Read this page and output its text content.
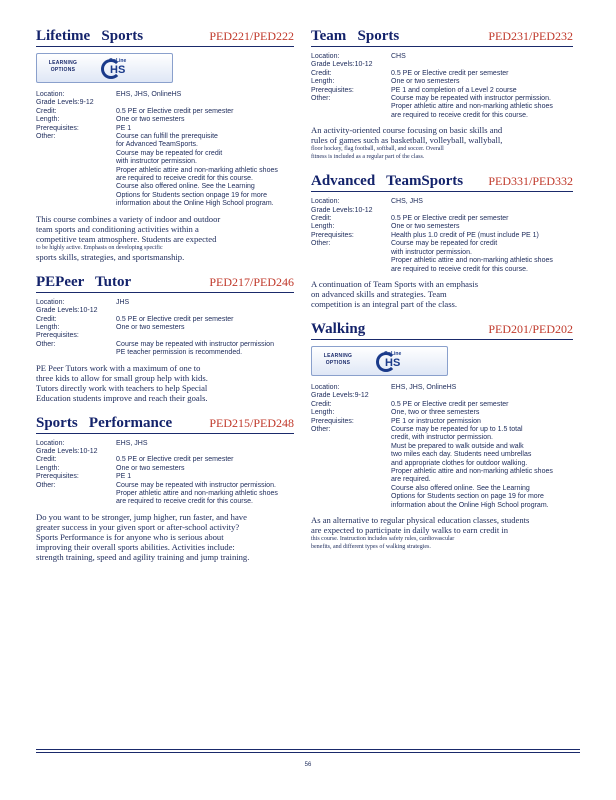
Lifetime   Sports	PED221/PED222
LEARNING OPTIONS
OnLine
HS
Location:	EHS, JHS, OnlineHS
Grade Levels: 9-12
Credit:	0.5 PE or Elective credit per semester
Length:	One or two semesters
Prerequisites:	PE 1
Other:	Course can fulfill the prerequisite
for Advanced TeamSports.
Course may be repeated for credit
with instructor permission.
Proper athletic attire and non-marking athletic shoes
are required to receive credit for this course.
Course also offered online. See the Learning
Options for Students section onpage 19 for more
information about the Online High School program.
This course combines a variety of indoor and outdoor
team sports and conditioning activities within a
competitive team atmosphere. Students are expected
to be highly active. Emphasis on developing specific
sports skills, strategies, and sportsmanship.
PEPeer   Tutor	PED217/PED246
Location:	JHS
Grade Levels: 10-12
Credit:	0.5 PE or Elective credit per semester
Length:	One or two semesters
Prerequisites:
Other:	Course may be repeated with instructor permission
PE teacher permission is recommended.
PE Peer Tutors work with a maximum of one to
three kids to allow for small group help with kids.
Tutors directly work with teachers to help Special
Education students improve and reach their goals.
Sports   Performance	PED215/PED248
Location:	EHS, JHS
Grade Levels: 10-12
Credit:	0.5 PE or Elective credit per semester
Length:	One or two semesters
Prerequisites:	PE 1
Other:	Course may be repeated with instructor permission.
Proper athletic attire and non-marking athletic shoes
are required to receive credit for this course.
Do you want to be stronger, jump higher, run faster, and have
greater success in your given sport or after-school activity?
Sports Performance is for anyone who is serious about
improving their overall sports abilities. Activities include:
strength training, speed and agility training and jump training.
Team   Sports	PED231/PED232
Location:	CHS
Grade Levels: 10-12
Credit:	0.5 PE or Elective credit per semester
Length:	One or two semesters
Prerequisites:	PE 1 and completion of a Level 2 course
Other:	Course may be repeated with instructor permission.
Proper athletic attire and non-marking athletic shoes
are required to receive credit for this course.
An activity-oriented course focusing on basic skills and
rules of games such as basketball, volleyball, wallyball,
floor hockey, flag football, softball, and soccer. Overall
fitness is included as a regular part of the class.
Advanced   TeamSports PED331/PED332
Location:	CHS, JHS
Grade Levels: 10-12
Credit:	0.5 PE or Elective credit per semester
Length:	One or two semesters
Prerequisites:	Health plus 1.0 credit of PE (must include PE 1)
Other:	Course may be repeated for credit
with instructor permission.
Proper athletic attire and non-marking athletic shoes
are required to receive credit for this course.
A continuation of Team Sports with an emphasis
on advanced skills and strategies. Team
competition is an integral part of the class.
Walking	PED201/PED202
LEARNING OPTIONS
OnLine
HS
Location:	EHS, JHS, OnlineHS
Grade Levels: 9-12
Credit:	0.5 PE or Elective credit per semester
Length:	One, two or three semesters
Prerequisites:	PE 1 or instructor permission
Other:	Course may be repeated for up to 1.5 total
credit, with instructor permission.
Must be prepared to walk outside and walk
two miles each day. Students need umbrellas
and appropriate clothes for outdoor walking.
Proper athletic attire and non-marking athletic shoes
are required.
Course also offered online. See the Learning
Options for Students section on page 19 for more
information about the Online High School program.
As an alternative to regular physical education classes, students
are expected to participate in daily walks to earn credit in
this course. Instruction includes safety rules, cardiovascular
benefits, and different types of walking strategies.
56
